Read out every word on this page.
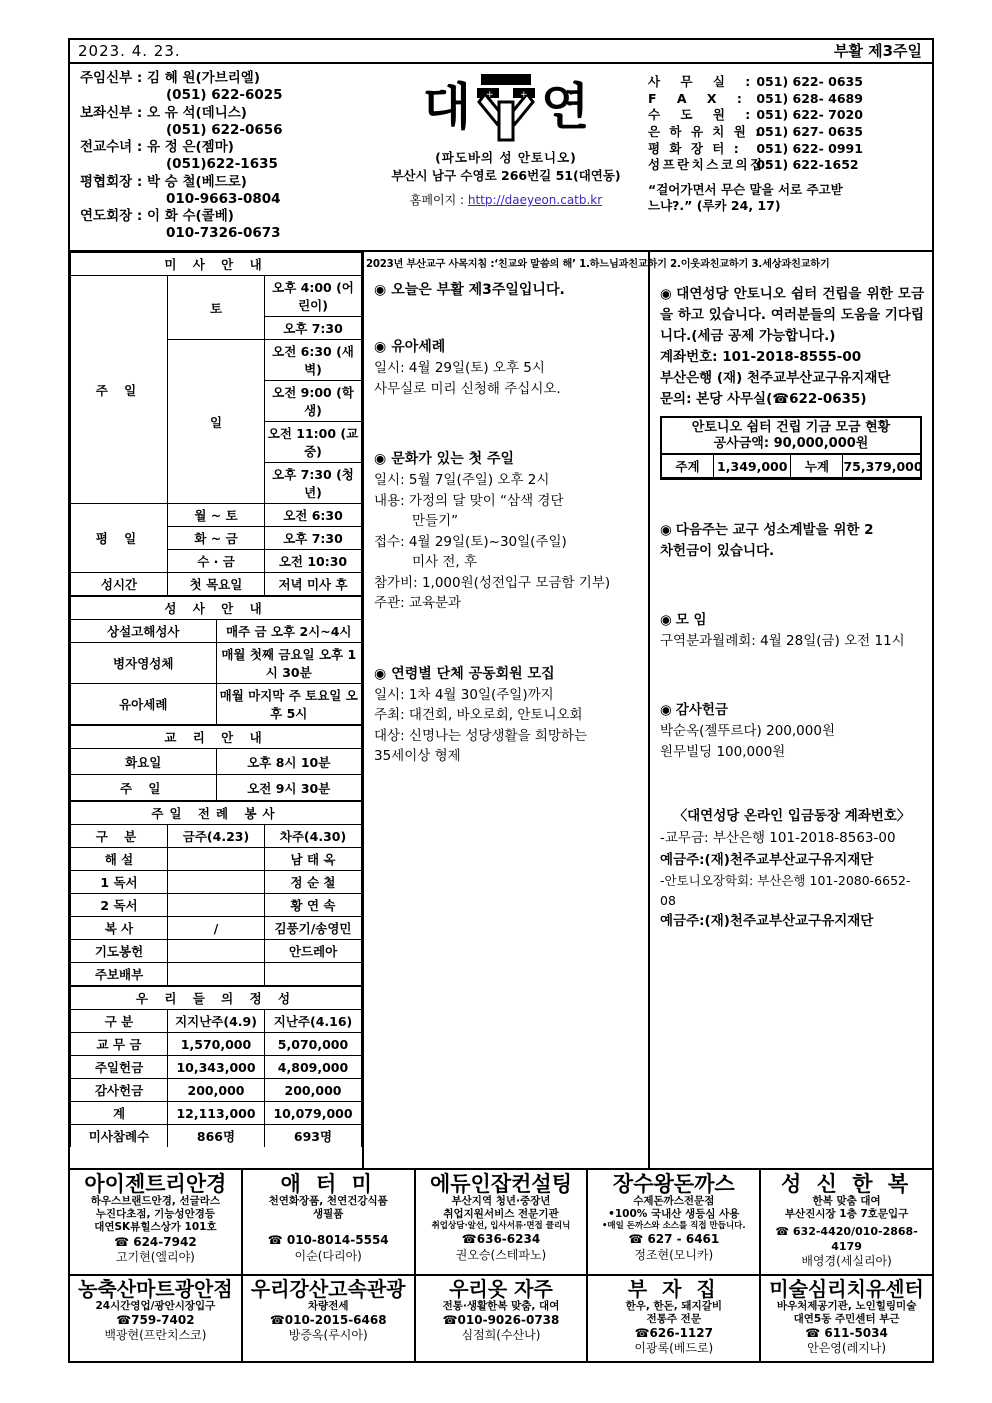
2023. 4. 23.	부활 제3주일
주임신부 : 김 혜 원(가브리엘)
(051) 622-6025
보좌신부 : 오 유 석(데니스)
(051) 622-0656
전교수녀 : 유 정 은(젬마)
(051)622-1635
평협회장 : 박 승 철(베드로)
010-9663-0804
연도회장 : 이 화 수(콜베)
010-7326-0673
대 +	+ 연
(파도바의 성 안토니오)
부산시 남구 수영로 266번길 51(대연동)
홈페이지 : http://daeyeon.catb.kr
사 무 실 : 051) 622- 0635
F A X : 051) 628- 4689
수 도 원 : 051) 622- 7020
은 하 유 치 원 : 051) 627- 0635
평 화 장 터 : 051) 622- 0991
성프란치스코의집: 051) 622-1652
“걸어가면서 무슨 말을 서로 주고받
느냐?.” (루카 24, 17)
미 사 안 내		
주 일	토	오후 4:00 (어린이)
		오후 7:30
	일	오전 6:30 (새벽)
		오전 9:00 (학생)
		오전 11:00 (교중)
		오후 7:30 (청년)
평 일	월 ~ 토	오전 6:30
	화 ~ 금	오후 7:30
	수 · 금	오전 10:30
성시간	첫 목요일	저녁 미사 후
성 사 안 내	
상설고해성사	매주 금 오후 2시~4시
병자영성체	매월 첫째 금요일 오후 1시 30분
유아세례	매월 마지막 주 토요일 오후 5시
교 리 안 내	
화요일	오후 8시 10분
주 일	오전 9시 30분
주일 전례 봉사		
구 분	금주(4.23)	차주(4.30)
해 설		남 태 옥
1 독서		정 순 철
2 독서		황 연 속
복 사	/	김풍기/송영민
기도봉헌		안드레아
주보배부		
우 리 들 의 정 성		
구 분	지지난주(4.9)	지난주(4.16)
교 무 금	1,570,000	5,070,000
주일헌금	10,343,000	4,809,000
감사헌금	200,000	200,000
계	12,113,000	10,079,000
미사참례수	866명	693명
2023년 부산교구 사목지침 :‘친교와 말씀의 해’ 1.하느님과친교하기 2.이웃과친교하기 3.세상과친교하기
◉ 오늘은 부활 제3주일입니다.
◉ 유아세례
일시: 4월 29일(토) 오후 5시
사무실로 미리 신청해 주십시오.
◉ 문화가 있는 첫 주일
일시: 5월 7일(주일) 오후 2시
내용: 가정의 달 맞이 “삼색 경단
만들기”
접수: 4월 29일(토)~30일(주일)
미사 전, 후
참가비: 1,000원(성전입구 모금함 기부)
주관: 교육분과
◉ 연령별 단체 공동회원 모집
일시: 1차 4월 30일(주일)까지
주최: 대건회, 바오로회, 안토니오회
대상: 신명나는 성당생활을 희망하는
35세이상 형제
◉ 대연성당 안토니오 쉼터 건립을 위한 모금을 하고 있습니다. 여러분들의 도움을 기다립니다.(세금 공제 가능합니다.)
계좌번호: 101-2018-8555-00
부산은행 (재) 천주교부산교구유지재단
문의: 본당 사무실(☎622-0635)
안토니오 쉼터 건립 기금 모금 현황
공사금액: 90,000,000원
주계	1,349,000	누계	75,379,000
◉ 다음주는 교구 성소계발을 위한 2
차헌금이 있습니다.
◉ 모 임
구역분과월례회: 4월 28일(금) 오전 11시
◉ 감사헌금
박순옥(젤뚜르다) 200,000원
원무빌딩 100,000원
〈대연성당 온라인 입금동장 계좌번호〉
-교무금: 부산은행 101-2018-8563-00
예금주:(재)천주교부산교구유지재단
-안토니오장학회: 부산은행 101-2080-6652-08
예금주:(재)천주교부산교구유지재단
아이젠트리안경
하우스브랜드안경, 선글라스
누진다초점, 기능성안경등
대연SK뷰힐스상가 101호
☎ 624-7942
고기현(엘리야)
애 터 미
천연화장품, 천연건강식품
생필품
☎ 010-8014-5554
이순(다리아)
에듀인잡컨설팅
부산지역 청년·중장년
취업지원서비스 전문기관
취업상담·알선, 입사서류·면접 클리닉
☎636-6234
권오승(스테파노)
장수왕돈까스
수제돈까스전문점
•100% 국내산 생등심 사용
•매일 돈까스와 소스를 직접 만듭니다.
☎ 627 - 6461
정조현(모니카)
성 신 한 복
한복 맞춤 대여
부산진시장 1층 7호문입구
☎ 632-4420/010-2868-4179
배영경(세실리아)
농축산마트광안점
24시간영업/광안시장입구
☎759-7402
백광현(프란치스코)
우리강산고속관광
차량전세
☎010-2015-6468
방증옥(루시아)
우리옷 자주
전통·생활한복 맞춤, 대여
☎010-9026-0738
심점희(수산나)
부 자 집
한우, 한돈, 돼지갈비
전통주 전문
☎626-1127
이광록(베드로)
미술심리치유센터
바우처제공기관, 노인힐링미술
대연5동 주민센터 부근
☎ 611-5034
안은영(레지나)
